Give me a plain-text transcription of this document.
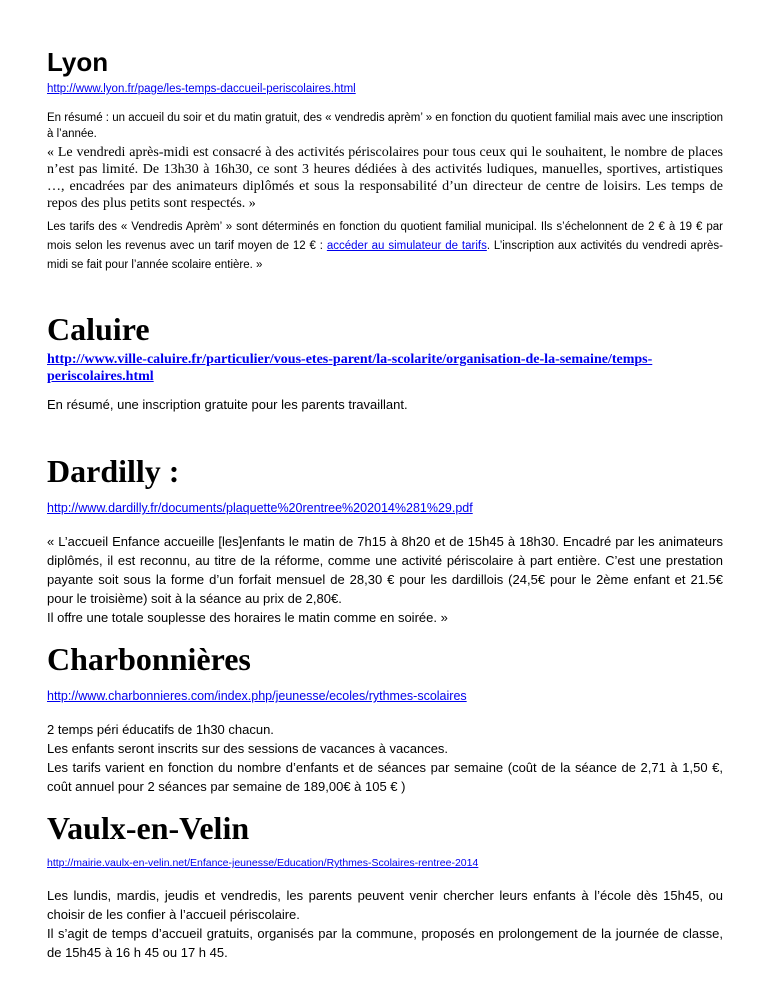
Lyon
http://www.lyon.fr/page/les-temps-daccueil-periscolaires.html

En résumé : un accueil du soir et du matin gratuit, des « vendredis aprèm’ » en fonction du quotient familial mais avec une inscription à l’année.

« Le vendredi après-midi est consacré à des activités périscolaires pour tous ceux qui le souhaitent, le nombre de places n’est pas limité. De 13h30 à 16h30, ce sont 3 heures dédiées à des activités ludiques, manuelles, sportives, artistiques …, encadrées par des animateurs diplômés et sous la responsabilité d’un directeur de centre de loisirs. Les temps de repos des plus petits sont respectés. »

Les tarifs des « Vendredis Aprèm’ » sont déterminés en fonction du quotient familial municipal. Ils s’échelonnent de 2 € à 19 € par mois selon les revenus avec un tarif moyen de 12 € : accéder au simulateur de tarifs. L’inscription aux activités du vendredi après-midi se fait pour l’année scolaire entière. »

Caluire
http://www.ville-caluire.fr/particulier/vous-etes-parent/la-scolarite/organisation-de-la-semaine/temps-periscolaires.html

En résumé, une inscription gratuite pour les parents travaillant.

Dardilly :
http://www.dardilly.fr/documents/plaquette%20rentree%202014%281%29.pdf

« L’accueil Enfance accueille [les]enfants le matin de 7h15 à 8h20 et de 15h45 à 18h30. Encadré par les animateurs diplômés, il est reconnu, au titre de la réforme, comme une activité périscolaire à part entière. C’est une prestation payante soit sous la forme d’un forfait mensuel de 28,30 € pour les dardillois (24,5€ pour le 2ème enfant et 21.5€ pour le troisième) soit à la séance au prix de 2,80€.

Il offre une totale souplesse des horaires le matin comme en soirée. »

Charbonnières
http://www.charbonnieres.com/index.php/jeunesse/ecoles/rythmes-scolaires

2 temps péri éducatifs de 1h30 chacun.

Les enfants seront inscrits sur des sessions de vacances à vacances.

Les tarifs varient en fonction du nombre d’enfants et de séances par semaine (coût de la séance de 2,71 à 1,50 €, coût annuel pour 2 séances par semaine de 189,00€ à 105 € )

Vaulx-en-Velin
http://mairie.vaulx-en-velin.net/Enfance-jeunesse/Education/Rythmes-Scolaires-rentree-2014

Les lundis, mardis, jeudis et vendredis, les parents peuvent venir chercher leurs enfants à l’école dès 15h45, ou choisir de les confier à l’accueil périscolaire.

Il s’agit de temps d’accueil gratuits, organisés par la commune, proposés en prolongement de la journée de classe, de 15h45 à 16 h 45 ou 17 h 45.
